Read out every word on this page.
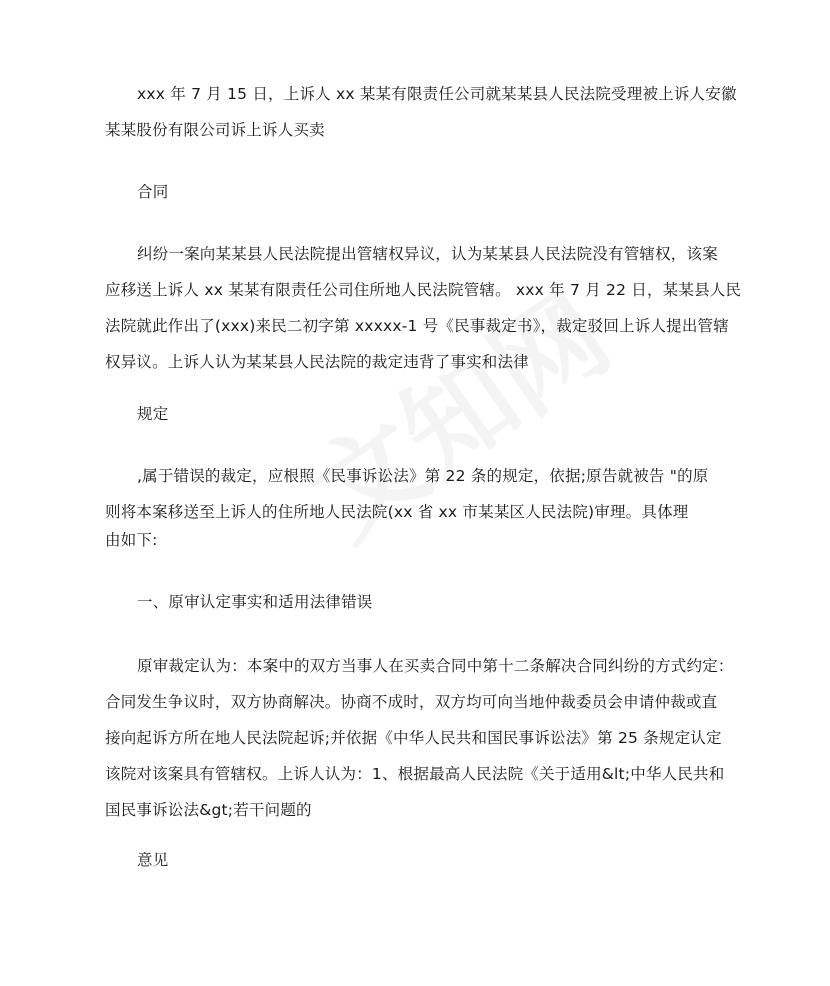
xxx 年 7 月 15 日，上诉人 xx 某某有限责任公司就某某县人民法院受理被上诉人安徽
某某股份有限公司诉上诉人买卖
合同
纠纷一案向某某县人民法院提出管辖权异议，认为某某县人民法院没有管辖权，该案
应移送上诉人 xx 某某有限责任公司住所地人民法院管辖。 xxx 年 7 月 22 日，某某县人民
法院就此作出了(xxx)来民二初字第 xxxxx-1 号《民事裁定书》，裁定驳回上诉人提出管辖
权异议。上诉人认为某某县人民法院的裁定违背了事实和法律
规定
,属于错误的裁定，应根照《民事诉讼法》第 22 条的规定，依据;原告就被告 "的原
则将本案移送至上诉人的住所地人民法院(xx 省 xx 市某某区人民法院)审理。具体理
由如下:
一、原审认定事实和适用法律错误
原审裁定认为：本案中的双方当事人在买卖合同中第十二条解决合同纠纷的方式约定：
合同发生争议时，双方协商解决。协商不成时，双方均可向当地仲裁委员会申请仲裁或直
接向起诉方所在地人民法院起诉;并依据《中华人民共和国民事诉讼法》第 25 条规定认定
该院对该案具有管辖权。上诉人认为：1、根据最高人民法院《关于适用&lt;中华人民共和
国民事诉讼法&gt;若干问题的
意见
